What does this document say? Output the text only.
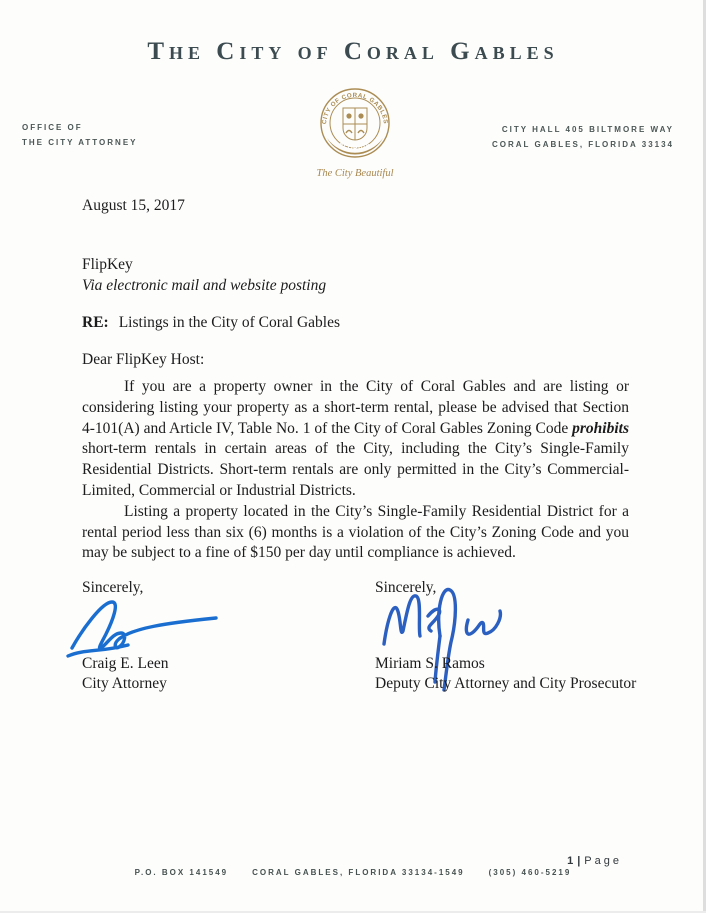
The City of Coral Gables
OFFICE OF
THE CITY ATTORNEY
CITY HALL 405 BILTMORE WAY
CORAL GABLES, FLORIDA 33134
CITY OF CORAL GABLES
FLORIDA
The City Beautiful
August 15, 2017
FlipKey
Via electronic mail and website posting
RE: Listings in the City of Coral Gables
Dear FlipKey Host:

If you are a property owner in the City of Coral Gables and are listing or considering listing your property as a short-term rental, please be advised that Section 4-101(A) and Article IV, Table No. 1 of the City of Coral Gables Zoning Code prohibits short-term rentals in certain areas of the City, including the City’s Single-Family Residential Districts. Short-term rentals are only permitted in the City’s Commercial-Limited, Commercial or Industrial Districts.

Listing a property located in the City’s Single-Family Residential District for a rental period less than six (6) months is a violation of the City’s Zoning Code and you may be subject to a fine of $150 per day until compliance is achieved.

Sincerely,	Sincerely,
Craig E. Leen
City Attorney
Miriam S. Ramos
Deputy City Attorney and City Prosecutor
P.O. BOX 141549	CORAL GABLES, FLORIDA 33134-1549	(305) 460-5219
1 | Page
